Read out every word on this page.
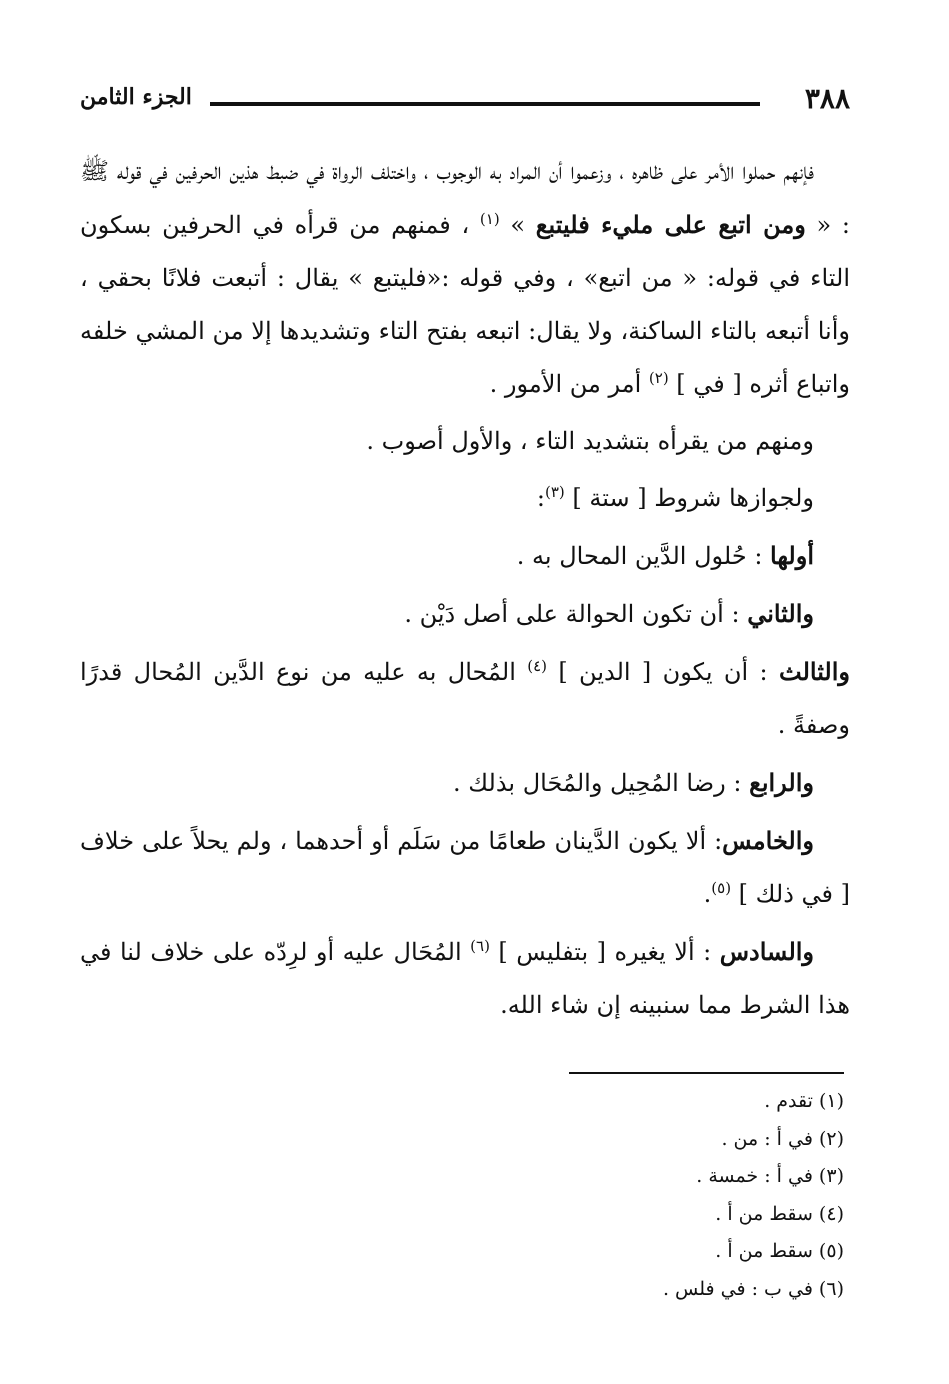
٣٨٨
الجزء الثامن

فإنهم حملوا الأمر على ظاهره ، وزعموا أن المراد به الوجوب ، واختلف الرواة في ضبط هذين الحرفين في قوله ﷺ : « ومن اتبع على مليء فليتبع » $^{(١)}$ ، فمنهم من قرأه في الحرفين بسكون التاء في قوله: « من اتبع» ، وفي قوله :«فليتبع » يقال : أتبعت فلانًا بحقي ، وأنا أتبعه بالتاء الساكنة، ولا يقال: اتبعه بفتح التاء وتشديدها إلا من المشي خلفه واتباع أثره [ في ] $^{(٢)}$ أمر من الأمور .

ومنهم من يقرأه بتشديد التاء ، والأول أصوب .

ولجوازها شروط [ ستة ] $^{(٣)}$:

أولها : حُلول الدَّين المحال به .

والثاني : أن تكون الحوالة على أصل دَيْن .

والثالث : أن يكون [ الدين ] $^{(٤)}$ المُحال به عليه من نوع الدَّين المُحال قدرًا وصفةً .

والرابع : رضا المُحِيل والمُحَال بذلك .

والخامس: ألا يكون الدَّينان طعامًا من سَلَم أو أحدهما ، ولم يحلاً على خلاف [ في ذلك ] $^{(٥)}$.

والسادس : ألا يغيره [ بتفليس ] $^{(٦)}$ المُحَال عليه أو لرِدّه على خلاف لنا في هذا الشرط مما سنبينه إن شاء الله.

(١) تقدم .
(٢) في أ : من .
(٣) في أ : خمسة .
(٤) سقط من أ .
(٥) سقط من أ .
(٦) في ب : في فلس .
